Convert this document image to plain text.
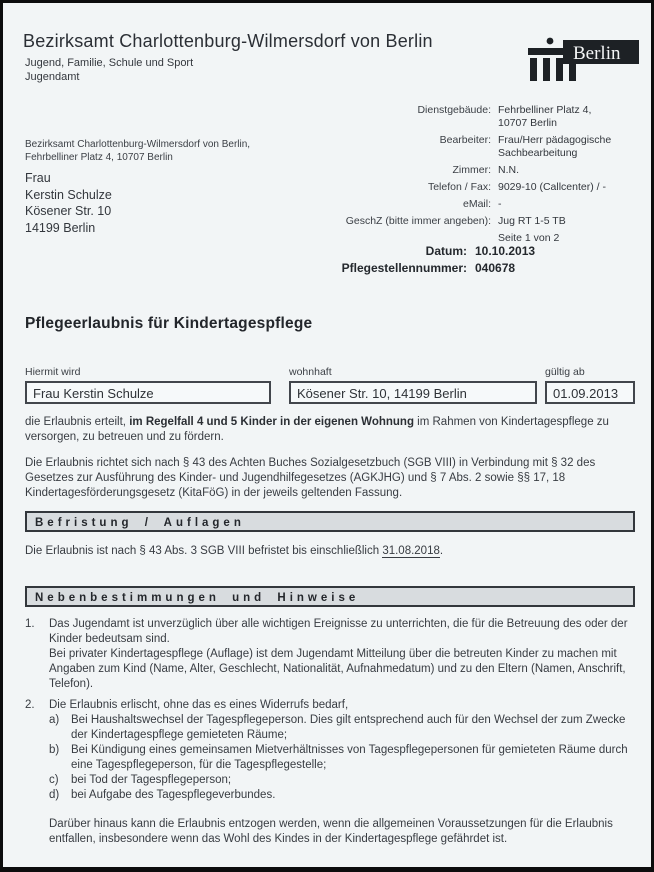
Bezirksamt Charlottenburg-Wilmersdorf von Berlin
Jugend, Familie, Schule und Sport
Jugendamt
Berlin
Dienstgebäude: Fehrbelliner Platz 4,
10707 Berlin
Bearbeiter: Frau/Herr pädagogische
Sachbearbeitung
Zimmer: N.N.
Telefon / Fax: 9029-10 (Callcenter) / -
eMail: -
GeschZ (bitte immer angeben): Jug RT 1-5 TB
Seite 1 von 2
Bezirksamt Charlottenburg-Wilmersdorf von Berlin,
Fehrbelliner Platz 4, 10707 Berlin
Frau
Kerstin Schulze
Kösener Str. 10
14199 Berlin
Datum: 10.10.2013
Pflegestellennummer: 040678
Pflegeerlaubnis für Kindertagespflege
Hiermit wird
Frau Kerstin Schulze
wohnhaft
Kösener Str. 10, 14199 Berlin
gültig ab
01.09.2013
die Erlaubnis erteilt, im Regelfall 4 und 5 Kinder in der eigenen Wohnung im Rahmen von Kindertagespflege zu versorgen, zu betreuen und zu fördern.
Die Erlaubnis richtet sich nach § 43 des Achten Buches Sozialgesetzbuch (SGB VIII) in Verbindung mit § 32 des Gesetzes zur Ausführung des Kinder- und Jugendhilfegesetzes (AGKJHG) und § 7 Abs. 2 sowie §§ 17, 18 Kindertagesförderungsgesetz (KitaFöG) in der jeweils geltenden Fassung.
Befristung / Auflagen
Die Erlaubnis ist nach § 43 Abs. 3 SGB VIII befristet bis einschließlich 31.08.2018.
Nebenbestimmungen und Hinweise
1.	Das Jugendamt ist unverzüglich über alle wichtigen Ereignisse zu unterrichten, die für die Betreuung des oder der Kinder bedeutsam sind.
Bei privater Kindertagespflege (Auflage) ist dem Jugendamt Mitteilung über die betreuten Kinder zu machen mit Angaben zum Kind (Name, Alter, Geschlecht, Nationalität, Aufnahmedatum) und zu den Eltern (Namen, Anschrift, Telefon).
2.	Die Erlaubnis erlischt, ohne das es eines Widerrufs bedarf,
a)	Bei Haushaltswechsel der Tagespflegeperson. Dies gilt entsprechend auch für den Wechsel der zum Zwecke der Kindertagespflege gemieteten Räume;
b)	Bei Kündigung eines gemeinsamen Mietverhältnisses von Tagespflegepersonen für gemieteten Räume durch eine Tagespflegeperson, für die Tagespflegestelle;
c)	bei Tod der Tagespflegeperson;
d)	bei Aufgabe des Tagespflegeverbundes.
Darüber hinaus kann die Erlaubnis entzogen werden, wenn die allgemeinen Voraussetzungen für die Erlaubnis entfallen, insbesondere wenn das Wohl des Kindes in der Kindertagespflege gefährdet ist.
